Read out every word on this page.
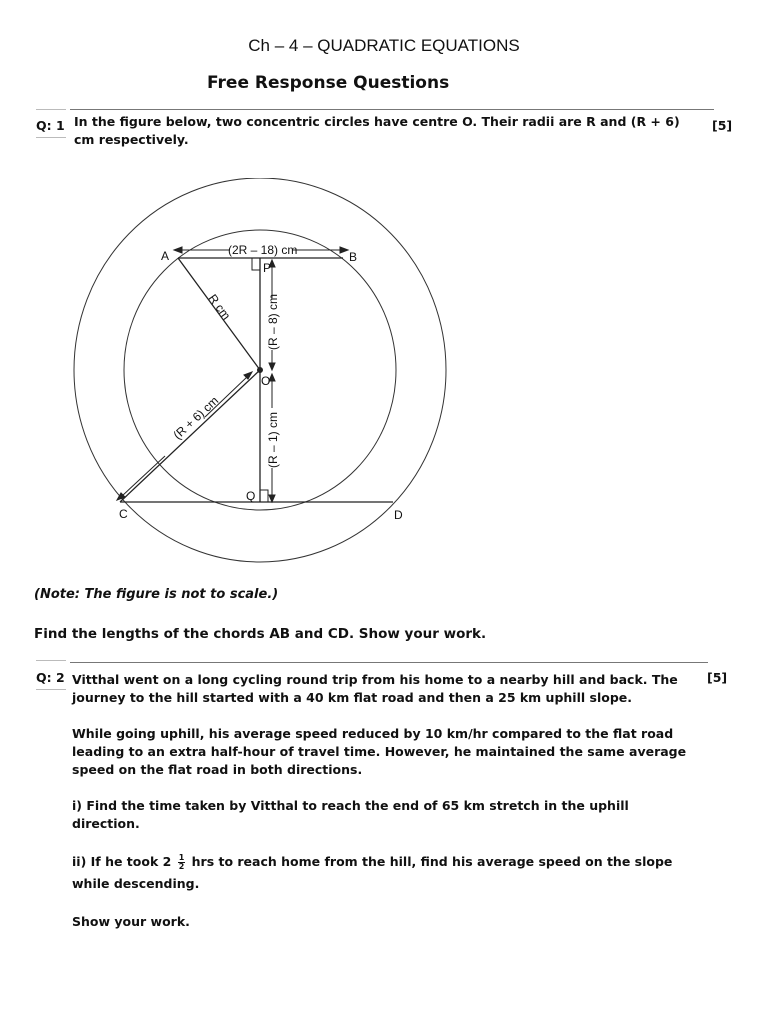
Ch – 4 – QUADRATIC EQUATIONS
Free Response Questions
Q: 1 In the figure below, two concentric circles have centre O. Their radii are R and (R + 6)
cm respectively.
[5]
A	B
C	D
O
P
Q
(2R – 18) cm
R cm
(R + 6) cm
(R – 8) cm
(R – 1) cm
(Note: The figure is not to scale.)
Find the lengths of the chords AB and CD. Show your work.
Q: 2	[5]
Vitthal went on a long cycling round trip from his home to a nearby hill and back. The
journey to the hill started with a 40 km flat road and then a 25 km uphill slope.
While going uphill, his average speed reduced by 10 km/hr compared to the flat road
leading to an extra half-hour of travel time. However, he maintained the same average
speed on the flat road in both directions.
i) Find the time taken by Vitthal to reach the end of 65 km stretch in the uphill
direction.
ii) If he took $2 \frac{1}{2}$ hrs to reach home from the hill, find his average speed on the slope
while descending.
Show your work.
